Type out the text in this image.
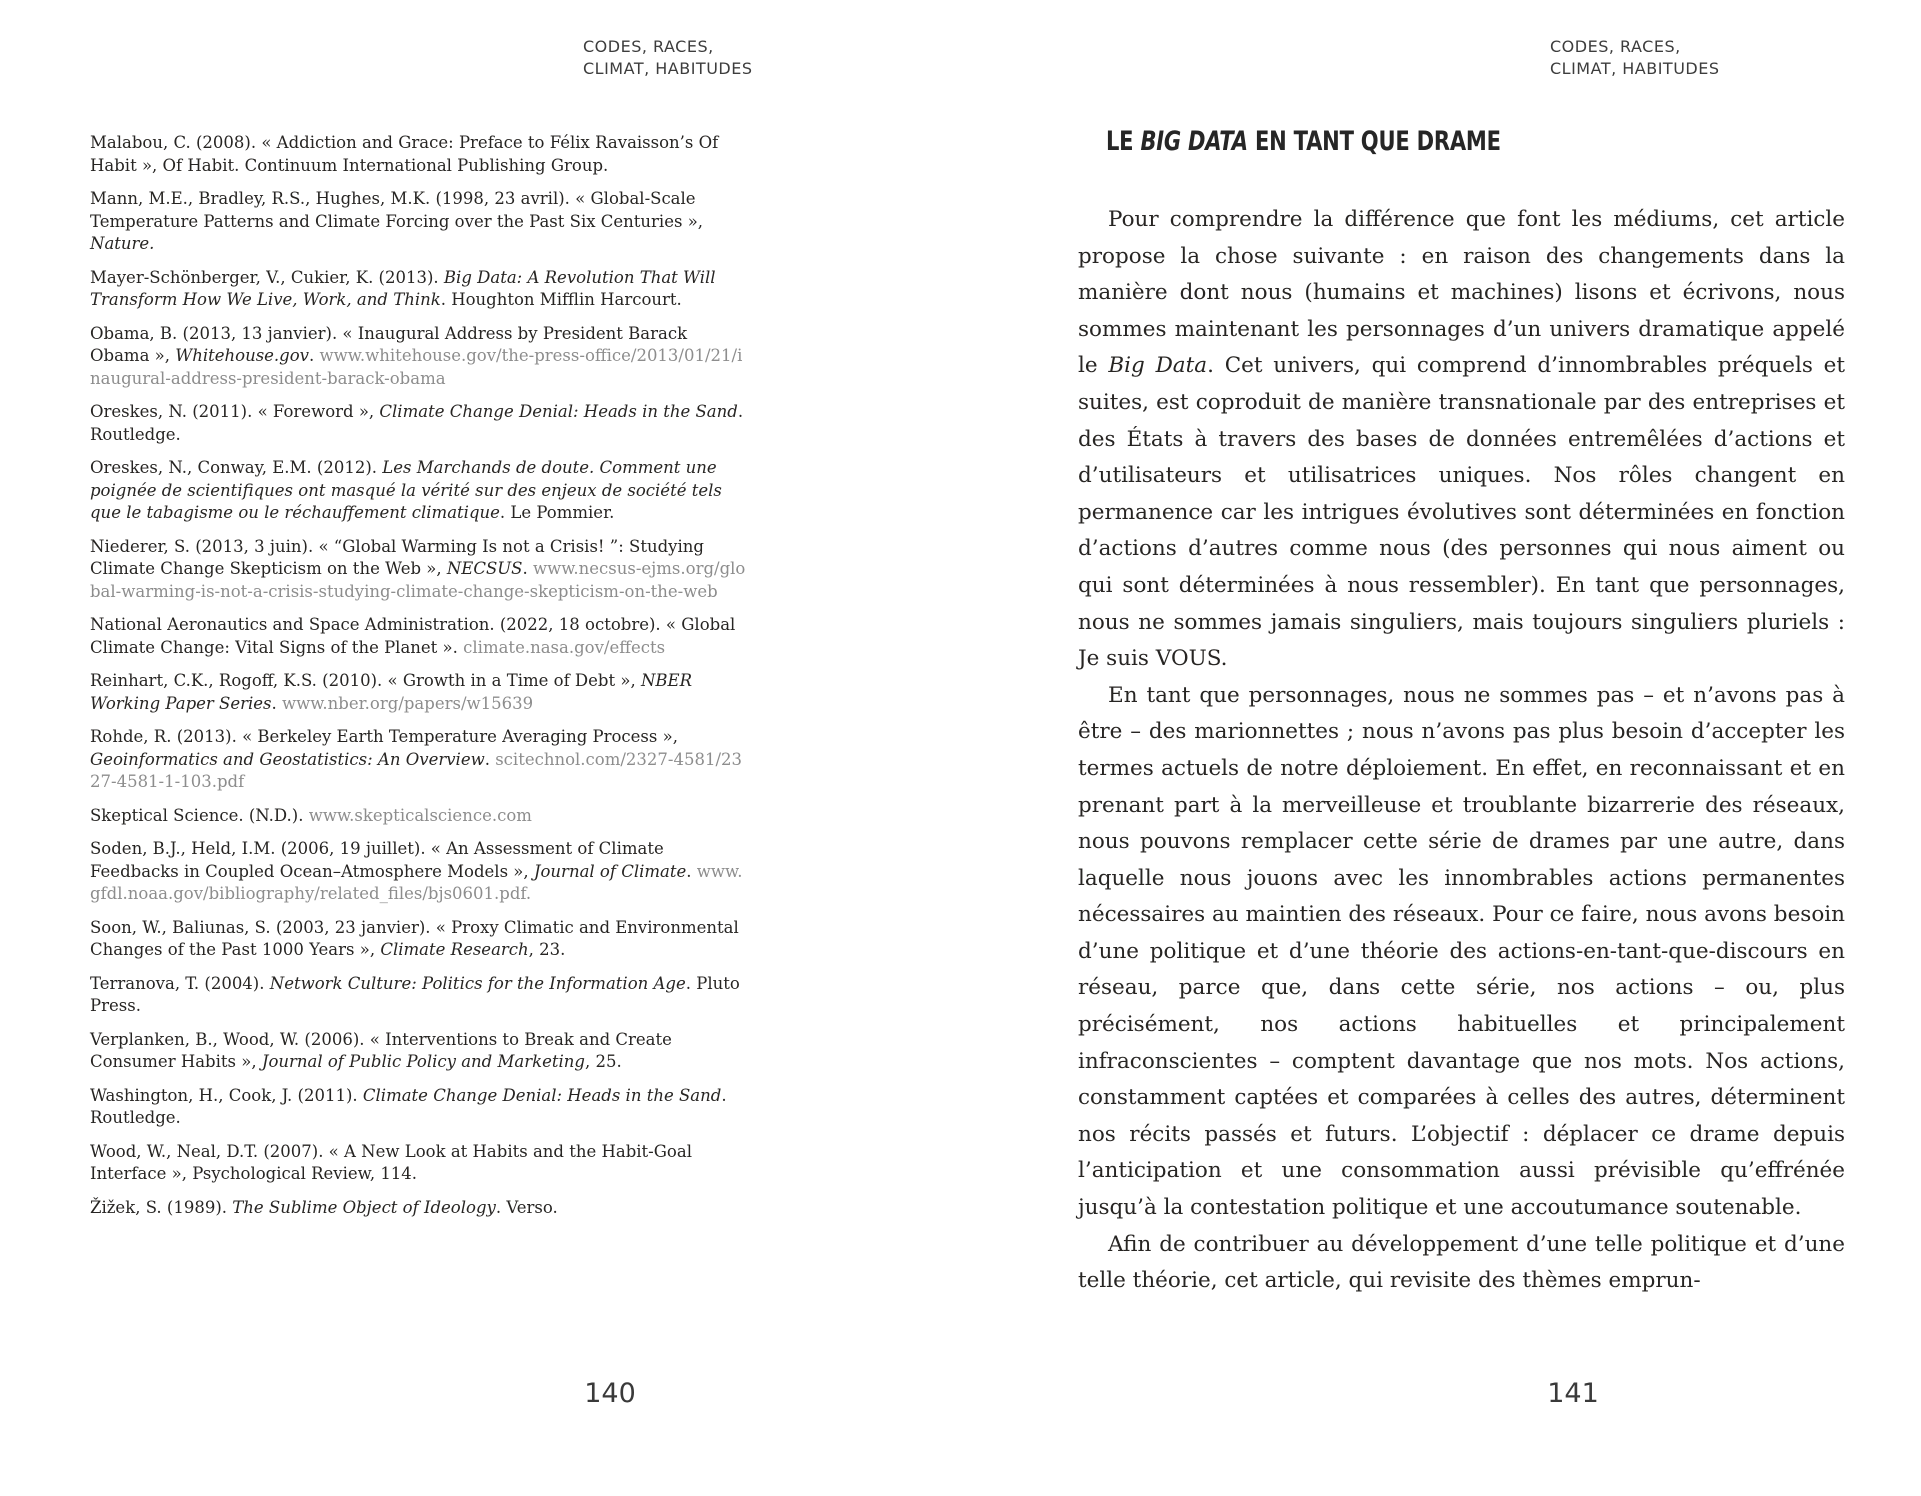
CODES, RACES,
CLIMAT, HABITUDES

Malabou, C. (2008). « Addiction and Grace: Preface to Félix Ravaisson’s Of Habit », Of Habit. Continuum International Publishing Group.

Mann, M.E., Bradley, R.S., Hughes, M.K. (1998, 23 avril). « Global-Scale Temperature Patterns and Climate Forcing over the Past Six Centuries », Nature.

Mayer-Schönberger, V., Cukier, K. (2013). Big Data: A Revolution That Will Transform How We Live, Work, and Think. Houghton Mifflin Harcourt.

Obama, B. (2013, 13 janvier). « Inaugural Address by President Barack Obama », Whitehouse.gov. www.whitehouse.gov/the-press-office/2013/01/21/inaugural-address-president-barack-obama

Oreskes, N. (2011). « Foreword », Climate Change Denial: Heads in the Sand. Routledge.

Oreskes, N., Conway, E.M. (2012). Les Marchands de doute. Comment une poignée de scientifiques ont masqué la vérité sur des enjeux de société tels que le tabagisme ou le réchauffement climatique. Le Pommier.

Niederer, S. (2013, 3 juin). « “Global Warming Is not a Crisis! ”: Studying Climate Change Skepticism on the Web », NECSUS. www.necsus-ejms.org/global-warming-is-not-a-crisis-studying-climate-change-skepticism-on-the-web

National Aeronautics and Space Administration. (2022, 18 octobre). « Global Climate Change: Vital Signs of the Planet ». climate.nasa.gov/effects

Reinhart, C.K., Rogoff, K.S. (2010). « Growth in a Time of Debt », NBER Working Paper Series. www.nber.org/papers/w15639

Rohde, R. (2013). « Berkeley Earth Temperature Averaging Process », Geoinformatics and Geostatistics: An Overview. scitechnol.com/2327-4581/2327-4581-1-103.pdf

Skeptical Science. (N.D.). www.skepticalscience.com

Soden, B.J., Held, I.M. (2006, 19 juillet). « An Assessment of Climate Feedbacks in Coupled Ocean–Atmosphere Models », Journal of Climate. www.gfdl.noaa.gov/bibliography/related_files/bjs0601.pdf.

Soon, W., Baliunas, S. (2003, 23 janvier). « Proxy Climatic and Environmental Changes of the Past 1000 Years », Climate Research, 23.

Terranova, T. (2004). Network Culture: Politics for the Information Age. Pluto Press.

Verplanken, B., Wood, W. (2006). « Interventions to Break and Create Consumer Habits », Journal of Public Policy and Marketing, 25.

Washington, H., Cook, J. (2011). Climate Change Denial: Heads in the Sand. Routledge.

Wood, W., Neal, D.T. (2007). « A New Look at Habits and the Habit-Goal Interface », Psychological Review, 114.

Žižek, S. (1989). The Sublime Object of Ideology. Verso.

140
CODES, RACES,
CLIMAT, HABITUDES
LE BIG DATA EN TANT QUE DRAME

Pour comprendre la différence que font les médiums, cet article propose la chose suivante : en raison des changements dans la manière dont nous (humains et machines) lisons et écrivons, nous sommes maintenant les personnages d’un univers dramatique appelé le Big Data. Cet univers, qui comprend d’innombrables préquels et suites, est coproduit de manière transnationale par des entreprises et des États à travers des bases de données entremêlées d’actions et d’utilisateurs et utilisatrices uniques. Nos rôles changent en permanence car les intrigues évolutives sont déterminées en fonction d’actions d’autres comme nous (des personnes qui nous aiment ou qui sont déterminées à nous ressembler). En tant que personnages, nous ne sommes jamais singuliers, mais toujours singuliers pluriels : Je suis VOUS.

En tant que personnages, nous ne sommes pas – et n’avons pas à être – des marionnettes ; nous n’avons pas plus besoin d’accepter les termes actuels de notre déploiement. En effet, en reconnaissant et en prenant part à la merveilleuse et troublante bizarrerie des réseaux, nous pouvons remplacer cette série de drames par une autre, dans laquelle nous jouons avec les innombrables actions permanentes nécessaires au maintien des réseaux. Pour ce faire, nous avons besoin d’une politique et d’une théorie des actions-en-tant-que-discours en réseau, parce que, dans cette série, nos actions – ou, plus précisément, nos actions habituelles et principalement infraconscientes – comptent davantage que nos mots. Nos actions, constamment captées et comparées à celles des autres, déterminent nos récits passés et futurs. L’objectif : déplacer ce drame depuis l’anticipation et une consommation aussi prévisible qu’effrénée jusqu’à la contestation politique et une accoutumance soutenable.

Afin de contribuer au développement d’une telle politique et d’une telle théorie, cet article, qui revisite des thèmes emprun-

141
